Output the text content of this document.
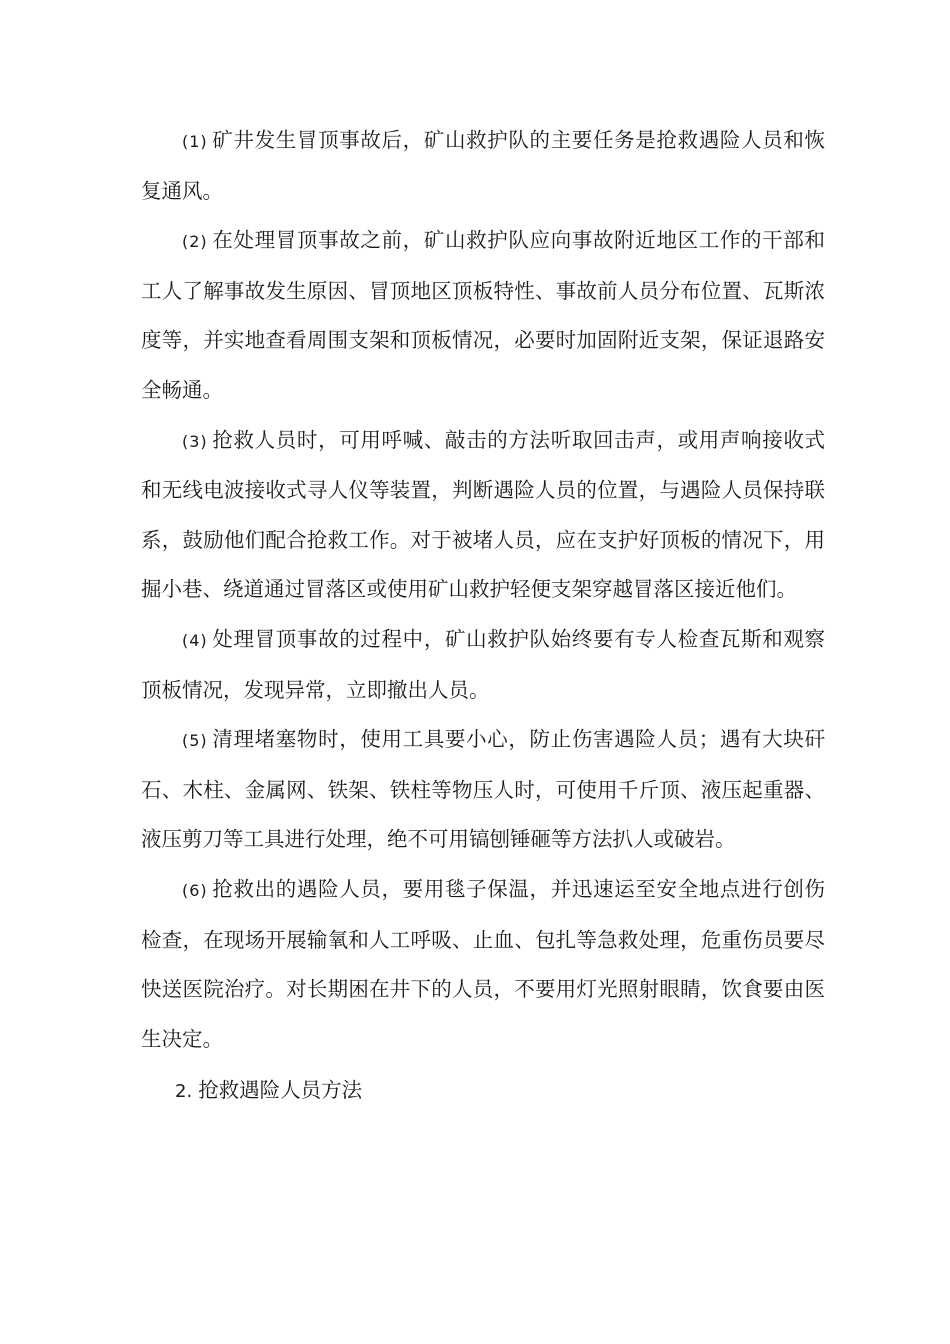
(1) 矿井发生冒顶事故后，矿山救护队的主要任务是抢救遇险人员和恢复通风。

(2) 在处理冒顶事故之前，矿山救护队应向事故附近地区工作的干部和工人了解事故发生原因、冒顶地区顶板特性、事故前人员分布位置、瓦斯浓度等，并实地查看周围支架和顶板情况，必要时加固附近支架，保证退路安全畅通。

(3) 抢救人员时，可用呼喊、敲击的方法听取回击声，或用声响接收式和无线电波接收式寻人仪等装置，判断遇险人员的位置，与遇险人员保持联系，鼓励他们配合抢救工作。对于被堵人员，应在支护好顶板的情况下，用掘小巷、绕道通过冒落区或使用矿山救护轻便支架穿越冒落区接近他们。

(4) 处理冒顶事故的过程中，矿山救护队始终要有专人检查瓦斯和观察顶板情况，发现异常，立即撤出人员。

(5) 清理堵塞物时，使用工具要小心，防止伤害遇险人员；遇有大块矸石、木柱、金属网、铁架、铁柱等物压人时，可使用千斤顶、液压起重器、液压剪刀等工具进行处理，绝不可用镐刨锤砸等方法扒人或破岩。

(6) 抢救出的遇险人员，要用毯子保温，并迅速运至安全地点进行创伤检查，在现场开展输氧和人工呼吸、止血、包扎等急救处理，危重伤员要尽快送医院治疗。对长期困在井下的人员，不要用灯光照射眼睛，饮食要由医生决定。

2. 抢救遇险人员方法
